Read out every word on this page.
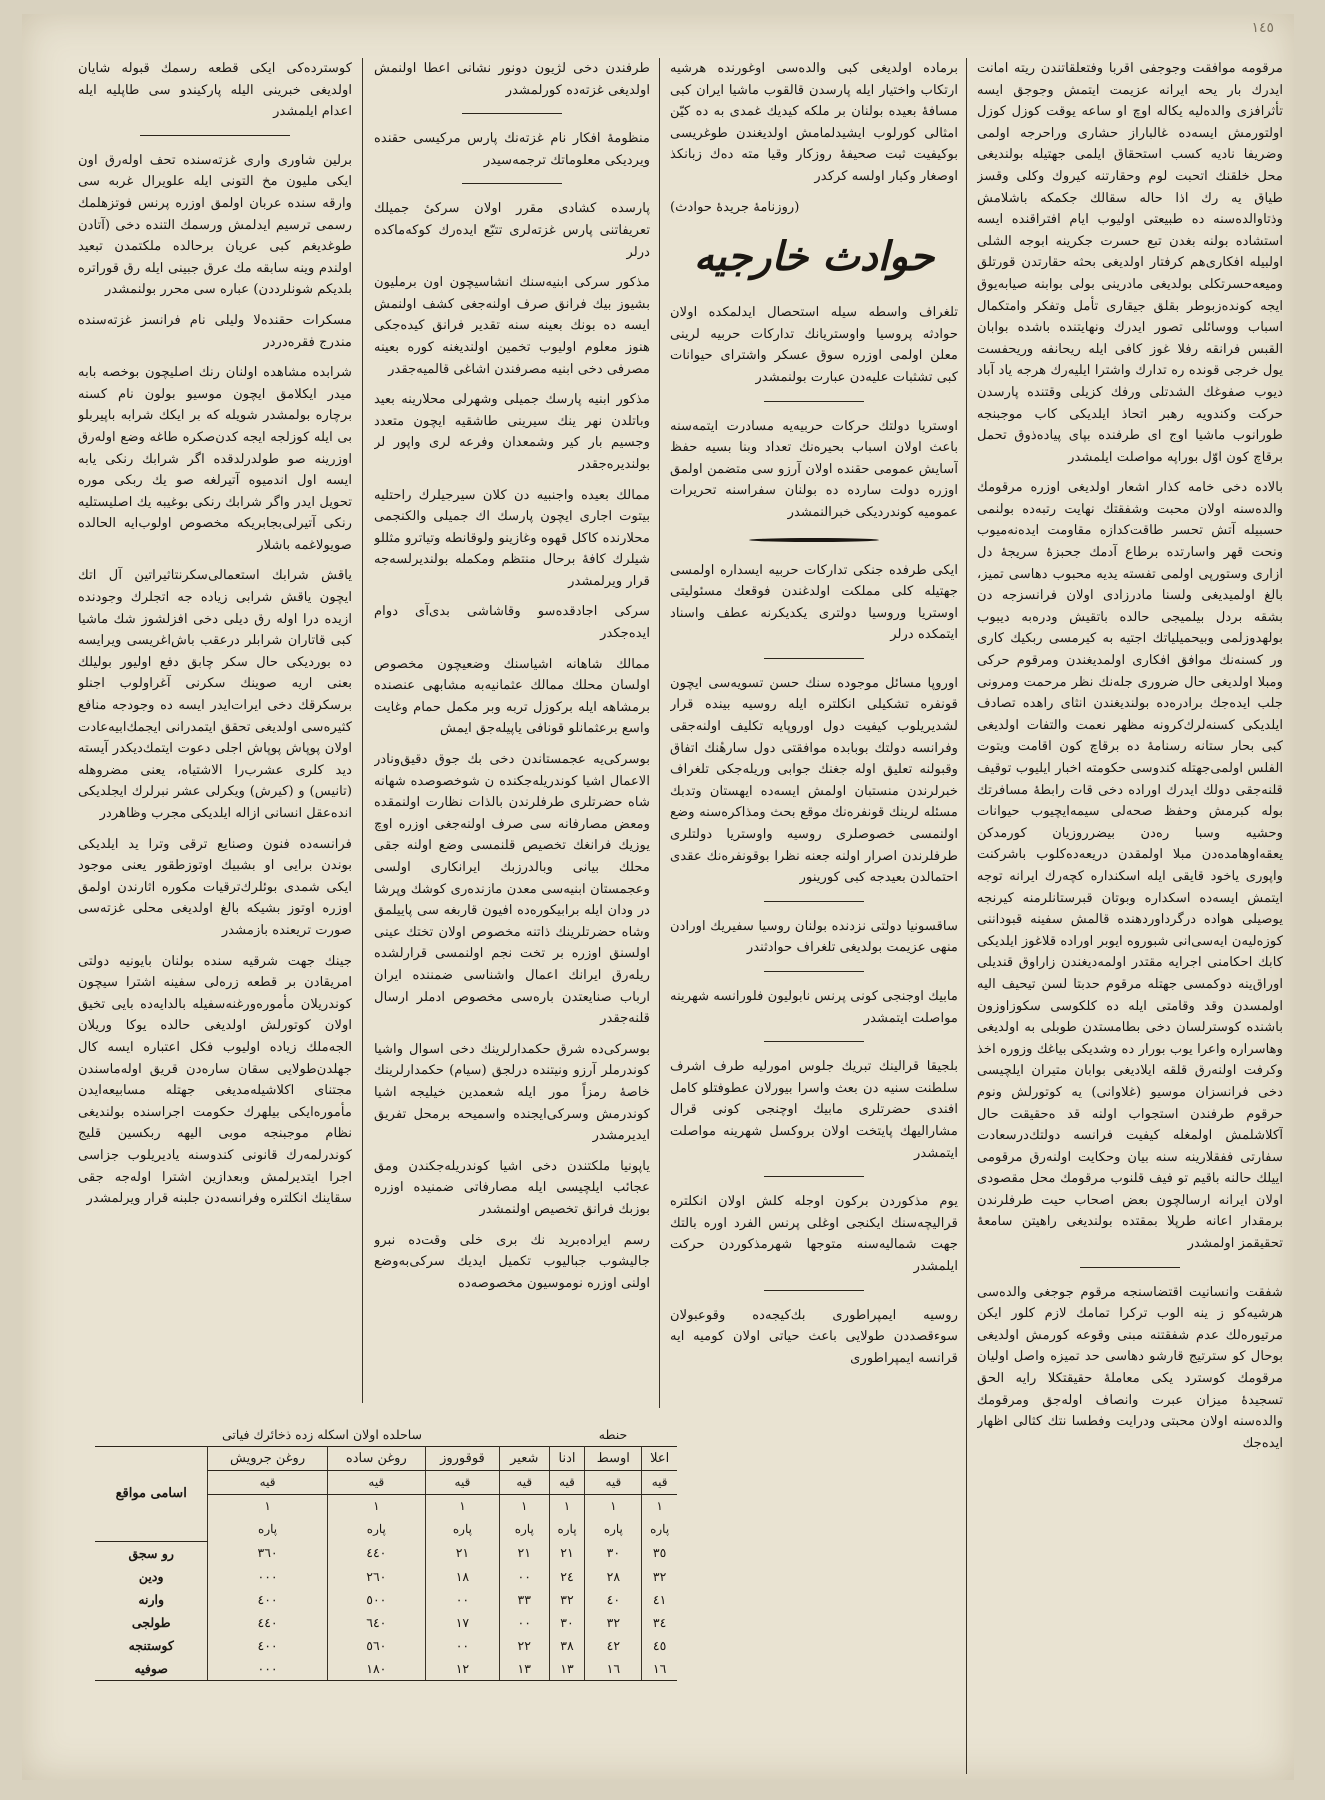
١٤٥

مرقومه موافقت وجوجفی اقربا وفتعلقاتندن ریته امانت ایدرك بار یحه ایرانه عزیمت ایتمش وجوجق ایسه تأثرافزی والده‌لیه یكاله اوچ او ساعه یوقت كوزل كوزل اولتورمش ایسه‌ده غالباراز حشاری وراحرجه اولمی وضریفا نادیه كسب استحقاق ایلمی جهتیله بولندیغی محل خلقنك اتحبت لوم وحقارتنه كیروك وكلی وقسز طیاق یه رك اذا حاله سقالك جكمكه باشلامش وذتاوالده‌سنه ده طبیعتی اولیوب ایام افتراقنده ایسه استشاده بولنه بغدن تبع حسرت جكرینه ابوجه الشلی اولبیله افكاری‌هم كرفتار اولدیغی بحثه حقارتدن قورتلق ومیعه‌حسرتكلی بولدیغی مادرینی بولی بوابنه صیابه‌یوق ایجه كونده‌زبوطر بقلق جیقاری تأمل وتفكر وامتكمال اسباب ووسائلی تصور ایدرك ونهایتنده باشده بوابان القبس فرانقه رفلا غوز كافی ایله ریحانفه وریحفست یول خرجی قونده ره تدارك واشترا ایلیه‌رك هرجه یاد آباد دیوب صفوغك الشدتلی ورفك كزیلی وقتنده پارسدن حركت وكندویه رهبر اتحاذ ایلدیكی كاب موجبنجه طورانوب ماشیا اوج ای طرفنده بپای پیاده‌ذوق تحمل برقاچ كون اوّل بوراپه مواصلت ایلمشدر

بالاده دخی خامه كذار اشعار اولدیغی اوزره مرقومك والده‌سنه اولان محبت وشفقتك نهایت رتبه‌ده بولنمی حسبیله آتش تحسر طاقت‌كدازه مقاومت ایده‌نه‌میوب ونحت قهر واسارتده برطاع آدمك جحبزهٔ سریجهٔ دل ازاری وستورپی اولمی تفسته یدیه محبوب دهاسی تمیز، بالغ اولمیدیغی ولسنا مادرزادی اولان فرانسزجه دن بشقه بردل بیلمیجی حالده باتقیش ودره‌به دیبوب بولهدوزلمی وبیحمیلیاتك اجتیه به كیرمسی ربكیك كاری ور كسنه‌نك موافق افكاری اولمدیغندن ومرقوم حركی ومبلا اولدیغی حال ضروری جله‌نك نظر مرحمت ومرونی جلب ایده‌جك برادره‌ده بولندیغندن انثای راهده تصادف ایلدیكی كسنه‌لرك‌كرونه مظهر نعمت والتفات اولدیغی كبی بحار ستانه رسنامهٔ ده برقاچ كون اقامت ویتوت الفلس اولمی‌جهتله كندوسی حكومته اخبار ایلیوب توقیف قلنه‌جقی دولك ایدرك اوراده دخی قات رابطهٔ مسافرتك بوله كبرمش وحفظ صحه‌لی سیمه‌ایچیوب حیوانات وحشیه وسبا ره‌دن بیضرروزیان كورمدكن یعقه‌اوهامده‌دن مبلا اولمقدن دریعه‌ده‌كلوب باشركنت واپوری یاخود قایقی ایله اسكنداره كچه‌رك ایرانه توجه ایتمش ایسه‌ده اسكداره وبوتان قبرستانلرمنه كیرنجه یوصیلی هواده درگرداوردهنده قالمش سفینه قبوداننی كوزه‌لیه‌ن ایه‌سی‌انی شبوروه ایوبر اوراده قلاغوز ایلدیكی كابك احكامنی اجرایه مقتدر اولمه‌دیغندن زاراوق قندیلی اوراق‌ینه دوكمسی جهتله مرقوم حدبتا لسن تیحیف الیه اولمسدن وقد وقامتی ایله ده كلكوسی سكوزاوزون باشنده كوسترلسان دخی بطامستدن طوبلی به اولدیغی وهاسراره واعرا یوب بورار ده وشدیكی بیاغك وزوره اخذ وكرفت اولنه‌رق قلقه ایلادیغی بوابان متیران ایلچیسی دخی فرانسزان موسیو (غلاوانی) یه كوتورلش ونوم حرقوم طرفندن استجواب اولنه قد ه‌حقیقت حال آكلاشلمش اولمغله كیفیت فرانسه دولتك‌درسعادت سفارتی ففقلارینه سنه بیان وحكایت اولنه‌رق مرقومی اییلك حالنه باقیم تو فیف قلنوب مرقومك محل مقصودی اولان ایرانه ارسالچون بعض اصحاب حیت طرفلرندن برمقدار اعانه طرپلا بمقتده بولندیغی راهیتن سامعهٔ تحقیقمز اولمشدر

شفقت وانسانیت اقتضاسنجه مرقوم جوجغی والده‌سی هرشیه‌كو ز ینه الوب تركرا تمامك لازم كلور ایكن مرتیوره‌لك عدم شفقتنه مبنی وقوعه كورمش اولدیغی بوحال كو سترتیج قارشو دهاسی حد تمیزه واصل اولیان مرقومك كوسترد یكی معاملهٔ حقیقتكلا رایه الحق تسجیدهٔ میزان عبرت وانصاف اوله‌جق ومرقومك والده‌سنه اولان محبتی ودرایت وفطسا نتك كثالی اظهار ایده‌جك

برماده اولدیغی كبی والده‌سی اوغورنده هرشیه ارتكاب واختیار ایله پارسدن قالقوب ماشیا ایران كبی مسافهٔ بعیده بولنان بر ملكه كیدیك غمدی به ده كیّن امثالی كورلوب ایشیدلمامش اولدیغندن طوغریسی بوكیفیت ثبت صحیفهٔ روزكار وقیا مته ده‌ك زبانكذ اوصغار وكبار اولسه كركدر

(روزنامهٔ جریدهٔ حوادث)

حوادث خارجیه

تلغراف واسطه سیله استحصال ایدلمكده اولان حوادثه پروسیا واوستریانك تداركات حربیه لرینی معلن اولمی اوزره سوق عسكر واشترای حیوانات كبی تشثبات علیه‌دن عبارت بولنمشدر

اوستریا دولتك حركات حربیه‌یه مسادرت ایتمه‌سنه باعث اولان اسباب بحیره‌نك تعداد وبنا بسیه حفظ آسایش عمومی حقنده اولان آرزو سی متضمن اولمق اوزره دولت سارده ده بولنان سفراسنه تحریرات عمومیه كوندردیكی خبرالنمشدر

ایكی طرفده جنكی تداركات حربیه ایسداره اولمسی جهتیله كلی مملكت اولدغندن فوقعك مسئولیتی اوستریا وروسیا دولتری یكدیكرنه عطف واسناد ایتمكده درلر

اوروپا مسائل موجوده سنك حسن تسویه‌سی ایچون قونفره تشكیلی انكلتره ایله روسیه بینده قرار لشدیریلوب كیفیت دول اوروپایه تكلیف اولنه‌جقی وفرانسه دولتك بوبابده موافقتی دول سارهٔنك اتفاق وقبولنه تعلیق اوله جغنك جوابی وریله‌جكی تلغراف خبرلرندن منستبان اولمش ایسه‌ده ایهستان وتدبك مسئله لرینك قونفره‌نك موقع بحث ومذاكره‌سنه وضع اولنمسی خصوصلری روسیه واوستریا دولتلری طرفلرندن اصرار اولنه جعنه نظرا بوقونفره‌نك عقدی احتمالدن بعیدجه كبی كورینور

ساقسونیا دولتی نزدنده بولنان روسیا سفیریك اورادن منهی عزیمت بولدیغی تلغراف حوادثندر

مابیك اوجنجی كونی پرنس نابولیون فلورانسه شهرینه مواصلت ایتمشدر

بلجیقا قرالینك تبریك جلوس امورلیه طرف اشرف سلطنت سنیه دن بعث واسرا بیورلان عطوفتلو كامل افندی حضرتلری مابیك اوچنجی كونی قرال مشارالیهك پایتخت اولان بروكسل شهرینه مواصلت ایتمشدر

یوم مذكوردن بركون اوجله كلش اولان انكلتره قرالیچه‌سنك ایكنجی اوغلی پرنس الفرد اوره بالتك جهت شمالیه‌سنه متوجها شهرمذكوردن حركت ایلمشدر

روسیه ایمپراطوری بك‌كیجه‌ده وقوعبولان سوءقصددن طولایی باعث حیاتی اولان كومیه ایه قرانسه ایمپراطوری

طرفندن دخی لژیون دونور نشانی اعطا اولنمش اولدیغی غزته‌ده كورلمشدر

منظومهٔ افكار نام غزته‌نك پارس مركیسی حقنده ویردیكی معلوماتك ترجمه‌سیدر

پارسده كشادی مقرر اولان سركیٔ جمیلك تعریفاتنی پارس غزته‌لری تتبّع ایده‌رك كوكه‌ماكده درلر

مذكور سركی ابنیه‌سنك انشاسیچون اون برملیون بشیوز بیك فرانق صرف اولنه‌جغی كشف اولنمش ایسه ده بونك بعینه سنه تقدیر فرانق كیده‌جكی هنوز معلوم اولیوب تخمین اولندیغنه كوره بعینه مصرفی دخی ابنیه مصرفندن اشاغی قالمیه‌جقدر

مذكور ابنیه پارسك جمیلی وشهرلی محلارینه بعید وباتلدن نهر ینك سیرینی طاشقیه ایچون متعدد وجسیم بار كیر وشمعدان وفرعه لری واپور لر بولندیره‌جقدر

ممالك بعیده واجنبیه دن كلان سیرجیلرك راحتلیه بیتوت اجاری ایچون پارسك اك جمیلی والكنجمی محلارنده كاكل قهوه وغازینو ولوقانطه وتیاترو مثللو شیلرك كافهٔ برحال منتظم ومكمله بولندیرلسه‌جه قرار ویرلمشدر

سركی اجادقده‌سو وقاشاشی بدی‌آی دوام ایده‌جكدر

ممالك شاهانه اشیاسنك وضعیچون مخصوص اولسان محلك ممالك عثمانیه‌به مشابهی عنصنده برمشاهه ایله بركوزل تربه وبر مكمل حمام وغایت واسع برعثمانلو قونافی یاپیله‌جق ایمش

بوسركی‌یه عجمستاندن دخی بك جوق دقیق‌ونادر الاعمال اشیا كوندریله‌جكنده ن شوخصوصده شهانه شاه حضرتلری طرفلرندن بالذات نظارت اولنمقده ومعض مصارفانه سی صرف اولنه‌جغی اوزره اوچ یوزیك فرانغك تخصیص قلنمسی وضع اولنه جقی محلك بیانی وبالدرزبك ایرانكاری اولسی وعجمستان ابنیه‌سی معدن مازنده‌ری كوشك وپرشا در ودان ایله برابیكوره‌ده افیون قاربغه سی پاییلمق وشاه حضرتلرینك ذاتنه مخصوص اولان تختك عینی اولسنق اوزره بر تخت نجم اولنمسی قرارلشده ریله‌رق ایرانك اعمال واشناسی ضمننده ایران ارباب صنایعتدن باره‌سی مخصوص ادملر ارسال قلنه‌جقدر

بوسركی‌ده شرق حكمدارلرینك دخی اسوال واشیا كوندرملر آرزو ونیتنده درلجق (سیام) حكمدارلرینك خاصهٔ رمزاً مور ایله شعمدین خیلیجه اشیا كوندرمش وسركی‌ایجنده واسمیحه برمحل تفریق ایدیرمشدر

یاپونیا ملكتندن دخی اشیا كوندریله‌جكندن ومق عجائب ایلچیسی ایله مصارفاتی ضمنیده اوزره بوزبك فرانق تخصیص اولنمشدر

رسم ایراده‌برید نك بری خلی وقت‌ده نبرو جالیشوب جبالیوب تكمیل ایدیك سركی‌به‌وضع اولنی اوزره نوموسیون مخصوصه‌ده

كوسترده‌كی ایكی قطعه رسمك قبوله شایان اولدیغی خبرینی الیله پاركیندو سی طاپلیه ایله اعدام ایلمشدر

برلین شاوری واری غزته‌سنده تحف اوله‌رق اون ایكی ملیون مخ التونی ایله علویرال غربه سی وارقه سنده عربان اولمق اوزره پرنس فوتزهلمك رسمی ترسیم ایدلمش ورسمك التنده دخی (آتادن طوغدیغم كبی عریان برحالده ملكتمدن تبعید اولندم وینه سابقه مك عرق جبینی ایله رق قوراتره بلدیكم شونلرددن) عباره سی محرر بولنمشدر

مسكرات حقنده‌لا ولیلی نام فرانسز غزته‌سنده مندرج فقره‌دردر

شرابده مشاهده اولنان رنك اصلیچون بوخصه بابه میدر ایكلامق ایچون موسیو بولون نام كسنه برچاره بولمشدر شویله كه بر ایكك شرابه باپیربلو بی ایله كوزلجه ایجه كدن‌صكره طاغه وضع اوله‌رق اوزرینه صو طولدرلدقده اگر شرابك رنكی یابه ایسه اول اندمیوه آتیرلغه صو یك ربكی موره تحویل ایدر واگر شرابك رنكی بوغیبه یك اصلیستلیه رنكی آتیرلی‌بجابریكه مخصوص اولوب‌ایه الحالده صویولاغمه باشلار

ياقش شرابك استعمالی‌سكرنتاثیراتین آل اتك ایچون یاقش شرابی زیاده جه اتجلرك وجودنده ازیده درا اوله رق دیلی دخی افزلشوز شك ماشیا كبی قاتاران شرابلر درعقب باش‌اغریسی ویرایسه ده بوردیكی حال سكر چابق دفع اوليور بولیلك بعنی اریه صوینك سكرنی آغراولوب اجنلو برسكرقك دخی ایرات‌ایدر ایسه ده وجودجه منافع كثیره‌سی اولدیغی تحقق ایتمدرانی ایجمك‌ابیه‌عادت اولان پوپاش پوپاش اجلی دعوت ایتمك‌دیكدر آیسته دید كلری عشرب‌را الاشتیاه، یعنی مضروهله (تانیس) و (كیرش) ویكرلی عشر نبرلرك ایجلدیكی انده‌عقل انسانی ازاله ایلدیكی مجرب وظاهردر

فرانسه‌ده فنون وصنایع ترقی وترا ید ایلدیكی بوندن برایی او بشبیك اوتوزطقور یعنی موجود ایكی شمدی بوئلرك‌ترقیات مكوره اثارندن اولمق اوزره اوتوز بشیكه بالغ اولدیغی محلی غزته‌سی صورت تریعنده بازمشدر

جینك جهت شرقیه سنده بولنان بایونیه دولتی امریقادن بر قطعه زره‌لی سفینه اشترا سیچون كوندریلان مأموره‌ورغنه‌سفیله بالدایه‌ده بایی تخیق اولان كوتورلش اولدیغی حالده یوكا وریلان الجه‌ملك زیاده اولیوب فكل اعتباره ایسه كال جهلدن‌طولایی سقان ساره‌دن قریق اوله‌ماسندن مجتنای اكلاشیله‌مدیغی جهتله مسابیعه‌ایدن مأموره‌ایكی بیلهرك حكومت اجراسنده بولندیغی نظام موجبنجه موبی الیهه ربكسین قلیج كوندرلمه‌رك قانونی كندوسنه یادیریلوب جزاسی اجرا ایتدیرلمش وبعدازین اشترا اوله‌جه جقی سقاینك انكلتره وفرانسه‌دن جلبنه قرار ویرلمشدر

حنطه			ساحلده اولان اسكله زده ذخائرك فیاتی				
اعلا	اوسط	ادنا	شعیر	قوقوروز	روغن ساده	روغن جرویش	اسامی مواقع
قیه	قیه	قیه	قیه	قیه	قیه	قیه	
١	١	١	١	١	١	١	
پاره	پاره	پاره	پاره	پاره	پاره	پاره	
٣٥	٣٠	٢١	٢١	٢١	٤٤٠	٣٦٠	رو سجق
٣٢	٢٨	٢٤	٠٠	١٨	٢٦٠	٠٠٠	ودین
٤١	٤٠	٣٢	٣٣	٠٠	٥٠٠	٤٠٠	وارنه
٣٤	٣٢	٣٠	٠٠	١٧	٦٤٠	٤٤٠	طولجی
٤٥	٤٢	٣٨	٢٢	٠٠	٥٦٠	٤٠٠	كوستنجه
١٦	١٦	١٣	١٣	١٢	١٨٠	٠٠٠	صوفیه
